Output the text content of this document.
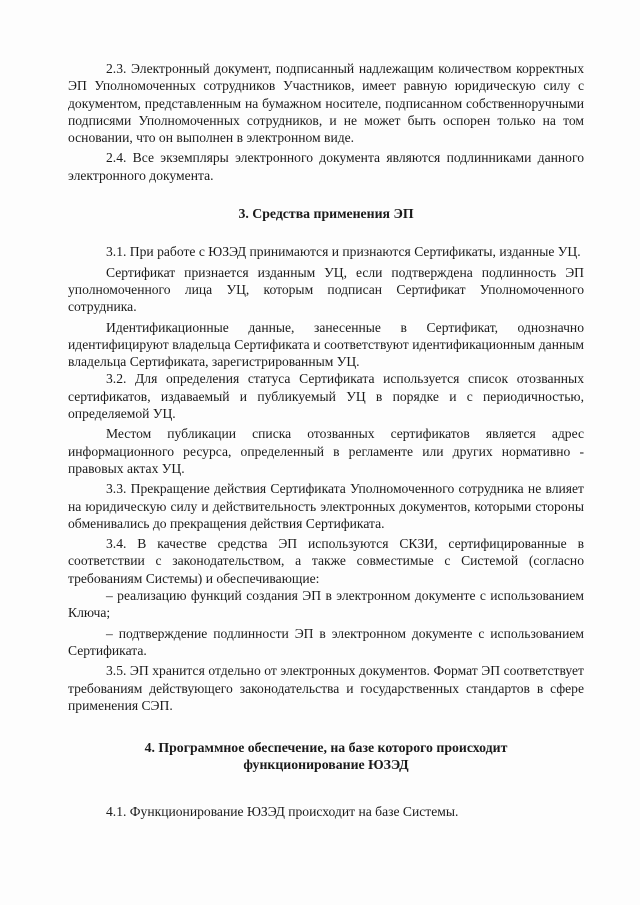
2.3. Электронный документ, подписанный надлежащим количеством корректных ЭП Уполномоченных сотрудников Участников, имеет равную юридическую силу с документом, представленным на бумажном носителе, подписанном собственноручными подписями Уполномоченных сотрудников, и не может быть оспорен только на том основании, что он выполнен в электронном виде.

2.4. Все экземпляры электронного документа являются подлинниками данного электронного документа.

3. Средства применения ЭП

3.1. При работе с ЮЗЭД принимаются и признаются Сертификаты, изданные УЦ.

Сертификат признается изданным УЦ, если подтверждена подлинность ЭП уполномоченного лица УЦ, которым подписан Сертификат Уполномоченного сотрудника.

Идентификационные данные, занесенные в Сертификат, однозначно идентифицируют владельца Сертификата и соответствуют идентификационным данным владельца Сертификата, зарегистрированным УЦ.

3.2. Для определения статуса Сертификата используется список отозванных сертификатов, издаваемый и публикуемый УЦ в порядке и с периодичностью, определяемой УЦ.

Местом публикации списка отозванных сертификатов является адрес информационного ресурса, определенный в регламенте или других нормативно - правовых актах УЦ.

3.3. Прекращение действия Сертификата Уполномоченного сотрудника не влияет на юридическую силу и действительность электронных документов, которыми стороны обменивались до прекращения действия Сертификата.

3.4. В качестве средства ЭП используются СКЗИ, сертифицированные в соответствии с законодательством, а также совместимые с Системой (согласно требованиям Системы) и обеспечивающие:

– реализацию функций создания ЭП в электронном документе с использованием Ключа;

– подтверждение подлинности ЭП в электронном документе с использованием Сертификата.

3.5. ЭП хранится отдельно от электронных документов. Формат ЭП соответствует требованиям действующего законодательства и государственных стандартов в сфере применения СЭП.

4. Программное обеспечение, на базе которого происходит
функционирование ЮЗЭД

4.1. Функционирование ЮЗЭД происходит на базе Системы.
